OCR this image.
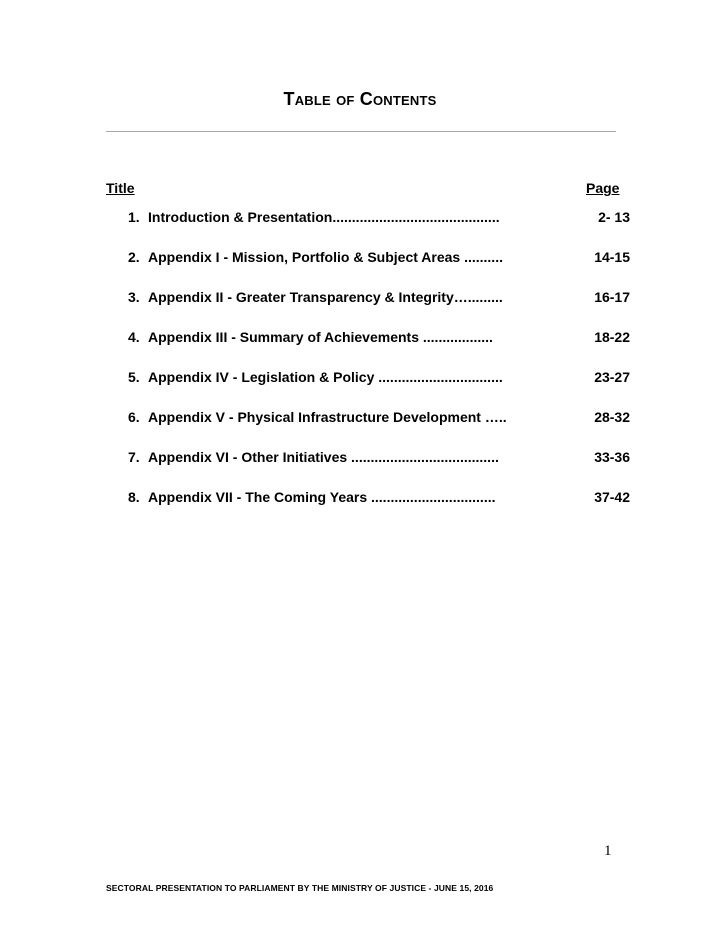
Table of Contents
Title	Page
1. Introduction & Presentation...........................................	2- 13
2. Appendix I - Mission, Portfolio & Subject Areas ..........	14-15
3. Appendix II - Greater Transparency & Integrity….........	16-17
4. Appendix III - Summary of Achievements ..................	18-22
5. Appendix IV - Legislation & Policy ................................	23-27
6. Appendix V - Physical Infrastructure Development …..	28-32
7. Appendix VI - Other Initiatives ......................................	33-36
8. Appendix VII - The Coming Years ................................	37-42
1
SECTORAL PRESENTATION TO PARLIAMENT BY THE MINISTRY OF JUSTICE - JUNE 15, 2016
